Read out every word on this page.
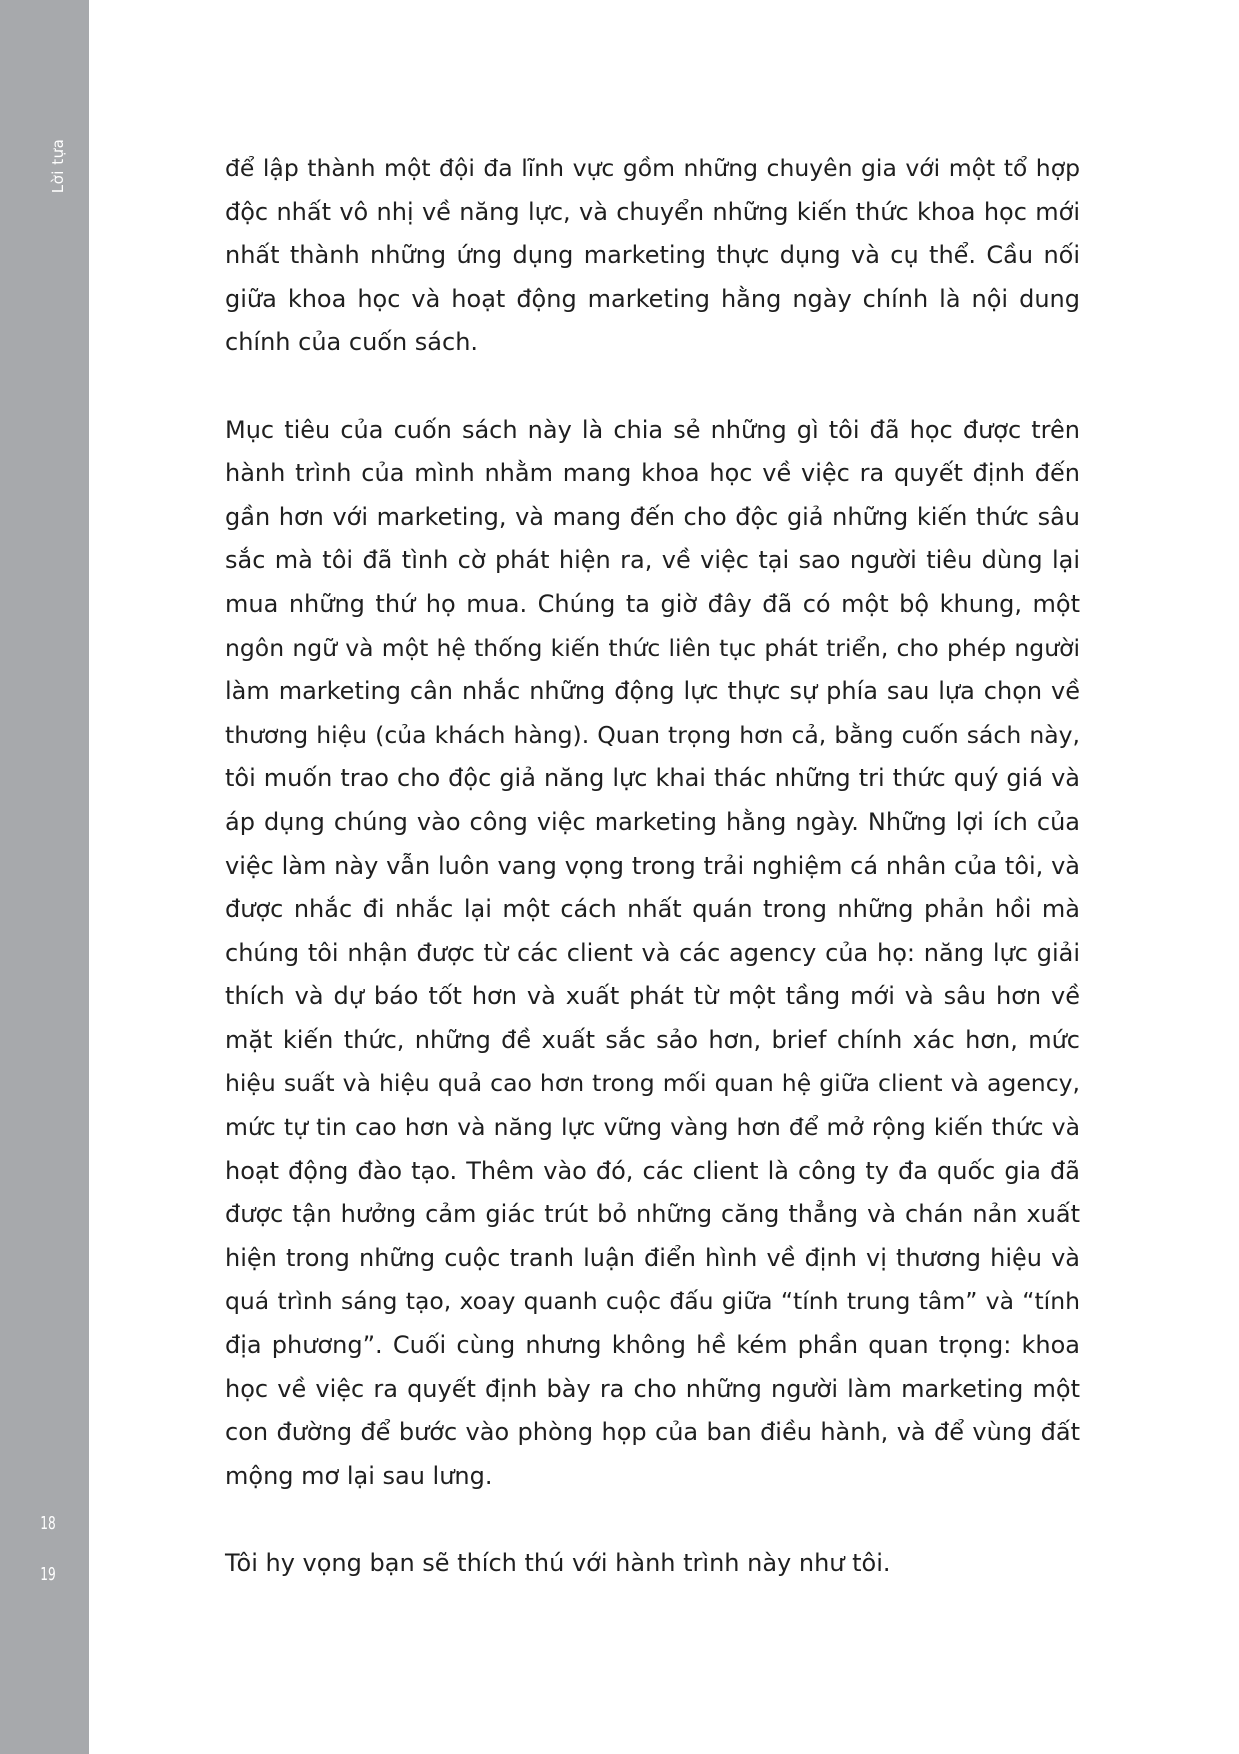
Lời tựa
18
19
để lập thành một đội đa lĩnh vực gồm những chuyên gia với một tổ hợp
độc nhất vô nhị về năng lực, và chuyển những kiến thức khoa học mới
nhất thành những ứng dụng marketing thực dụng và cụ thể. Cầu nối
giữa khoa học và hoạt động marketing hằng ngày chính là nội dung
chính của cuốn sách.
Mục tiêu của cuốn sách này là chia sẻ những gì tôi đã học được trên
hành trình của mình nhằm mang khoa học về việc ra quyết định đến
gần hơn với marketing, và mang đến cho độc giả những kiến thức sâu
sắc mà tôi đã tình cờ phát hiện ra, về việc tại sao người tiêu dùng lại
mua những thứ họ mua. Chúng ta giờ đây đã có một bộ khung, một
ngôn ngữ và một hệ thống kiến thức liên tục phát triển, cho phép người
làm marketing cân nhắc những động lực thực sự phía sau lựa chọn về
thương hiệu (của khách hàng). Quan trọng hơn cả, bằng cuốn sách này,
tôi muốn trao cho độc giả năng lực khai thác những tri thức quý giá và
áp dụng chúng vào công việc marketing hằng ngày. Những lợi ích của
việc làm này vẫn luôn vang vọng trong trải nghiệm cá nhân của tôi, và
được nhắc đi nhắc lại một cách nhất quán trong những phản hồi mà
chúng tôi nhận được từ các client và các agency của họ: năng lực giải
thích và dự báo tốt hơn và xuất phát từ một tầng mới và sâu hơn về
mặt kiến thức, những đề xuất sắc sảo hơn, brief chính xác hơn, mức
hiệu suất và hiệu quả cao hơn trong mối quan hệ giữa client và agency,
mức tự tin cao hơn và năng lực vững vàng hơn để mở rộng kiến thức và
hoạt động đào tạo. Thêm vào đó, các client là công ty đa quốc gia đã
được tận hưởng cảm giác trút bỏ những căng thẳng và chán nản xuất
hiện trong những cuộc tranh luận điển hình về định vị thương hiệu và
quá trình sáng tạo, xoay quanh cuộc đấu giữa “tính trung tâm” và “tính
địa phương”. Cuối cùng nhưng không hề kém phần quan trọng: khoa
học về việc ra quyết định bày ra cho những người làm marketing một
con đường để bước vào phòng họp của ban điều hành, và để vùng đất
mộng mơ lại sau lưng.
Tôi hy vọng bạn sẽ thích thú với hành trình này như tôi.
